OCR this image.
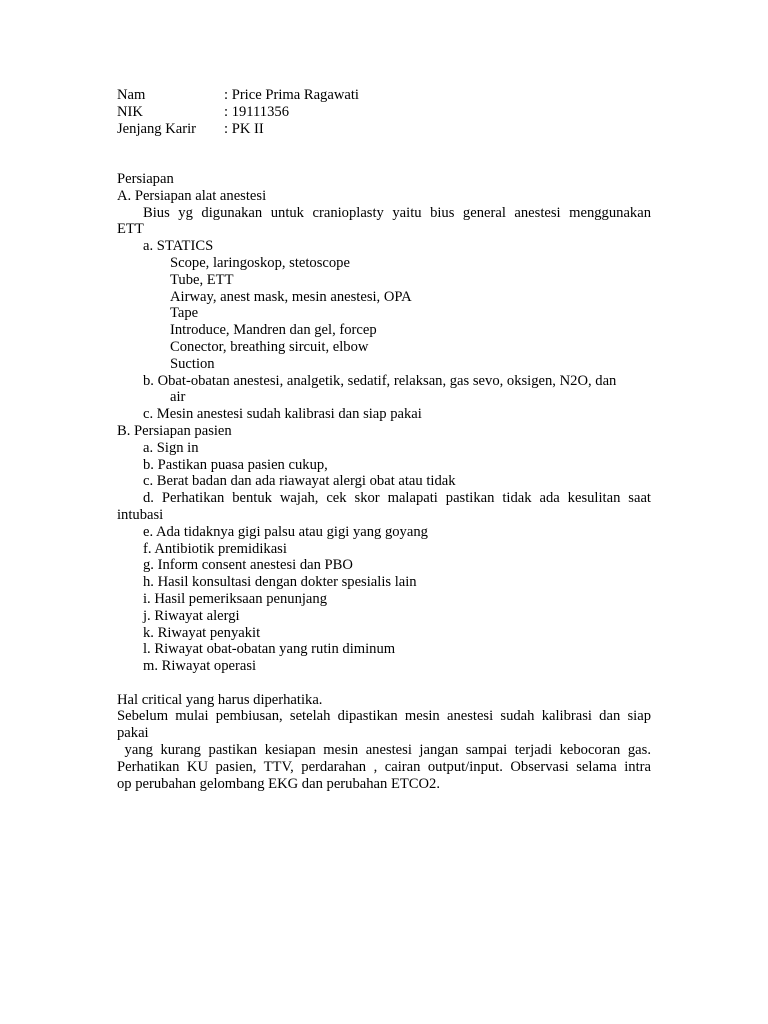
Nam	: Price Prima Ragawati
NIK	: 19111356
Jenjang Karir	: PK II
Persiapan
A. Persiapan alat anestesi
Bius yg digunakan untuk cranioplasty yaitu bius general anestesi menggunakan
ETT
a. STATICS
Scope, laringoskop, stetoscope
Tube, ETT
Airway, anest mask, mesin anestesi, OPA
Tape
Introduce, Mandren dan gel, forcep
Conector, breathing sircuit, elbow
Suction
b. Obat-obatan anestesi, analgetik, sedatif, relaksan, gas sevo, oksigen, N2O, dan
air
c. Mesin anestesi sudah kalibrasi dan siap pakai
B. Persiapan pasien
a. Sign in
b. Pastikan puasa pasien cukup,
c. Berat badan dan ada riawayat alergi obat atau tidak
d. Perhatikan bentuk wajah, cek skor malapati pastikan tidak ada kesulitan saat
intubasi
e. Ada tidaknya gigi palsu atau gigi yang goyang
f. Antibiotik premidikasi
g. Inform consent anestesi dan PBO
h. Hasil konsultasi dengan dokter spesialis lain
i. Hasil pemeriksaan penunjang
j. Riwayat alergi
k. Riwayat penyakit
l. Riwayat obat-obatan yang rutin diminum
m. Riwayat operasi
Hal critical yang harus diperhatika.
Sebelum mulai pembiusan, setelah dipastikan mesin anestesi sudah kalibrasi dan siap
pakai
yang kurang pastikan kesiapan mesin anestesi jangan sampai terjadi kebocoran gas.
Perhatikan KU pasien, TTV, perdarahan , cairan output/input. Observasi selama intra
op perubahan gelombang EKG dan perubahan ETCO2.
